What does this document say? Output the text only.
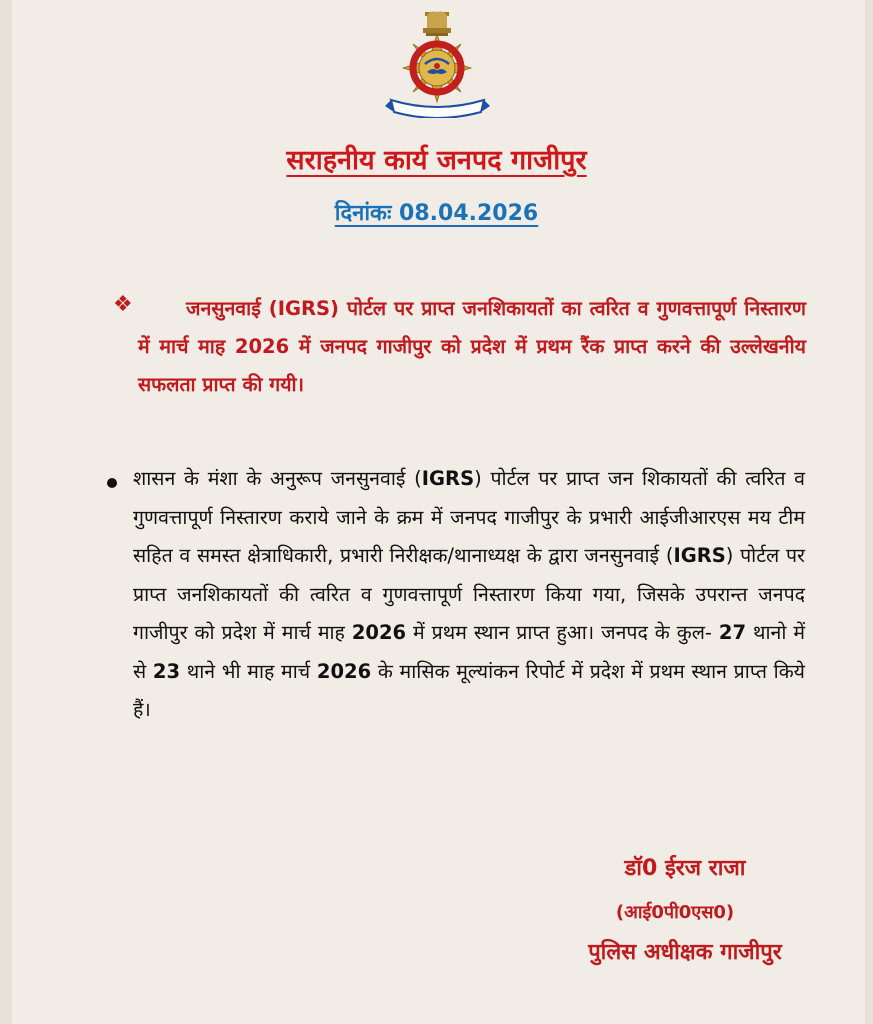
सराहनीय कार्य जनपद गाजीपुर
दिनांकः 08.04.2026
❖	जनसुनवाई (IGRS) पोर्टल पर प्राप्त जनशिकायतों का त्वरित व गुणवत्तापूर्ण निस्तारण में मार्च माह 2026 में जनपद गाजीपुर को प्रदेश में प्रथम रैंक प्राप्त करने की उल्लेखनीय सफलता प्राप्त की गयी।
शासन के मंशा के अनुरूप जनसुनवाई (IGRS) पोर्टल पर प्राप्त जन शिकायतों की त्वरित व गुणवत्तापूर्ण निस्तारण कराये जाने के क्रम में जनपद गाजीपुर के प्रभारी आईजीआरएस मय टीम सहित व समस्त क्षेत्राधिकारी, प्रभारी निरीक्षक/थानाध्यक्ष के द्वारा जनसुनवाई (IGRS) पोर्टल पर प्राप्त जनशिकायतों की त्वरित व गुणवत्तापूर्ण निस्तारण किया गया, जिसके उपरान्त जनपद गाजीपुर को प्रदेश में मार्च माह 2026 में प्रथम स्थान प्राप्त हुआ। जनपद के कुल- 27 थानो में से 23 थाने भी माह मार्च 2026 के मासिक मूल्यांकन रिपोर्ट में प्रदेश में प्रथम स्थान प्राप्त किये हैं।
डॉ0 ईरज राजा
(आई0पी0एस0)
पुलिस अधीक्षक गाजीपुर
